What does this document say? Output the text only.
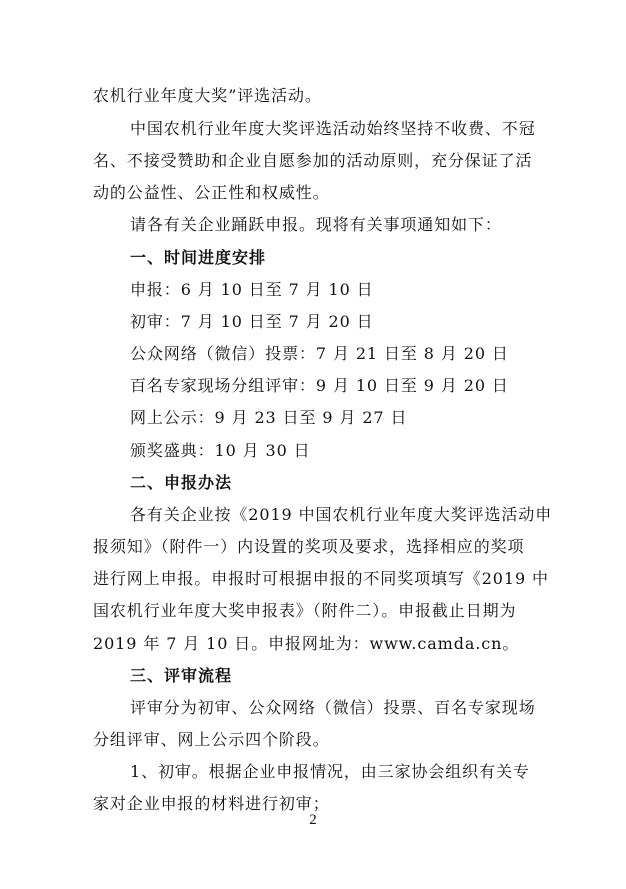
农机行业年度大奖”评选活动。
中国农机行业年度大奖评选活动始终坚持不收费、不冠
名、不接受赞助和企业自愿参加的活动原则，充分保证了活
动的公益性、公正性和权威性。
请各有关企业踊跃申报。现将有关事项通知如下：
一、时间进度安排
申报：6 月 10 日至 7 月 10 日
初审：7 月 10 日至 7 月 20 日
公众网络（微信）投票：7 月 21 日至 8 月 20 日
百名专家现场分组评审：9 月 10 日至 9 月 20 日
网上公示：9 月 23 日至 9 月 27 日
颁奖盛典：10 月 30 日
二、申报办法
各有关企业按《2019 中国农机行业年度大奖评选活动申
报须知》（附件一）内设置的奖项及要求，选择相应的奖项
进行网上申报。申报时可根据申报的不同奖项填写《2019 中
国农机行业年度大奖申报表》（附件二）。申报截止日期为
2019 年 7 月 10 日。申报网址为：www.camda.cn。
三、评审流程
评审分为初审、公众网络（微信）投票、百名专家现场
分组评审、网上公示四个阶段。
1、初审。根据企业申报情况，由三家协会组织有关专
家对企业申报的材料进行初审；
2
